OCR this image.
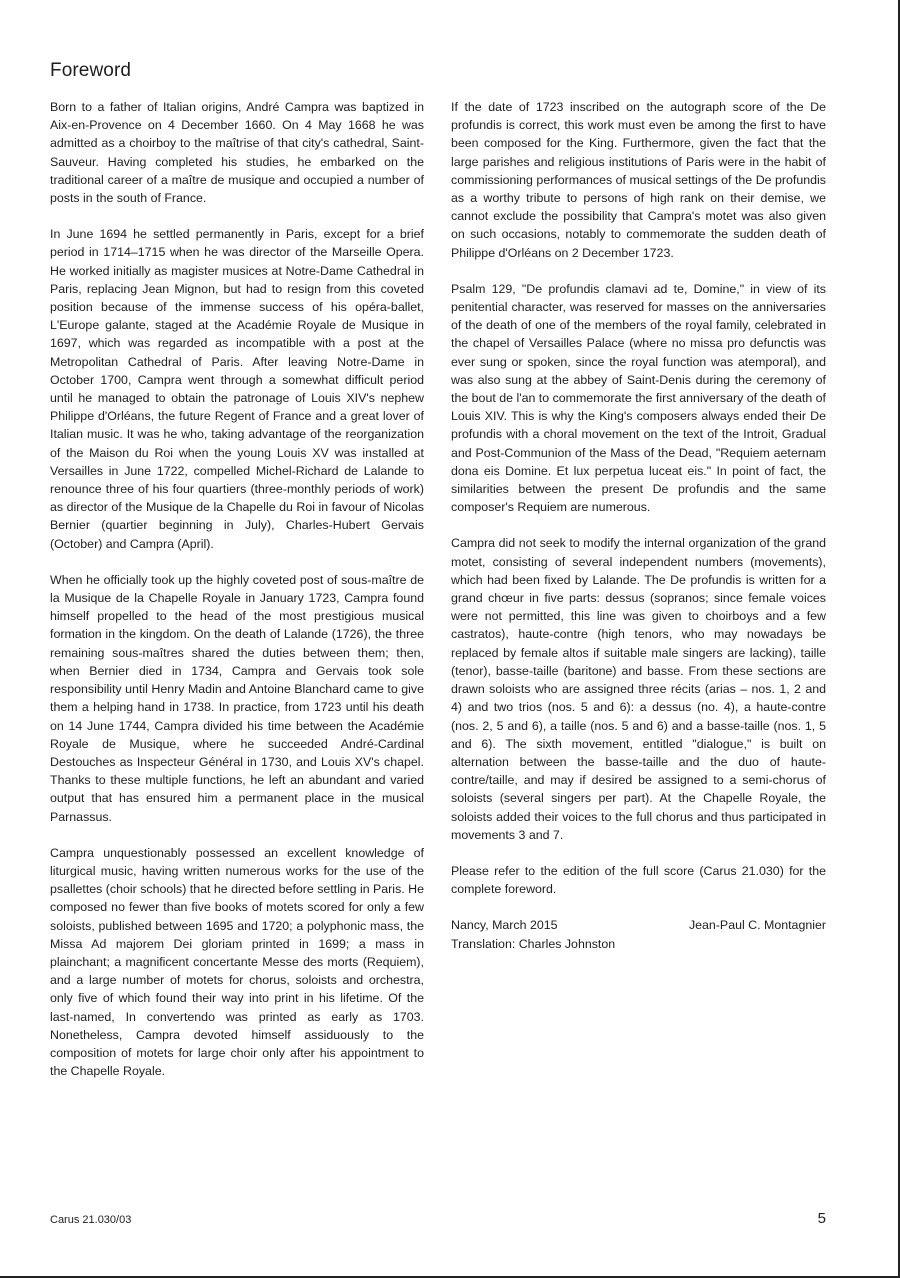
Foreword

Born to a father of Italian origins, André Campra was baptized in Aix-en-Provence on 4 December 1660. On 4 May 1668 he was admitted as a choirboy to the maîtrise of that city's cathedral, Saint-Sauveur. Having completed his studies, he embarked on the traditional career of a maître de musique and occupied a number of posts in the south of France.

In June 1694 he settled permanently in Paris, except for a brief period in 1714–1715 when he was director of the Marseille Opera. He worked initially as magister musices at Notre-Dame Cathedral in Paris, replacing Jean Mignon, but had to resign from this coveted position because of the immense success of his opéra-ballet, L'Europe galante, staged at the Académie Royale de Musique in 1697, which was regarded as incompatible with a post at the Metropolitan Cathedral of Paris. After leaving Notre-Dame in October 1700, Campra went through a somewhat difficult period until he managed to obtain the patronage of Louis XIV's nephew Philippe d'Orléans, the future Regent of France and a great lover of Italian music. It was he who, taking advantage of the reorganization of the Maison du Roi when the young Louis XV was installed at Versailles in June 1722, compelled Michel-Richard de Lalande to renounce three of his four quartiers (three-monthly periods of work) as director of the Musique de la Chapelle du Roi in favour of Nicolas Bernier (quartier beginning in July), Charles-Hubert Gervais (October) and Campra (April).

When he officially took up the highly coveted post of sous-maître de la Musique de la Chapelle Royale in January 1723, Campra found himself propelled to the head of the most prestigious musical formation in the kingdom. On the death of Lalande (1726), the three remaining sous-maîtres shared the duties between them; then, when Bernier died in 1734, Campra and Gervais took sole responsibility until Henry Madin and Antoine Blanchard came to give them a helping hand in 1738. In practice, from 1723 until his death on 14 June 1744, Campra divided his time between the Académie Royale de Musique, where he succeeded André-Cardinal Destouches as Inspecteur Général in 1730, and Louis XV's chapel. Thanks to these multiple functions, he left an abundant and varied output that has ensured him a permanent place in the musical Parnassus.

Campra unquestionably possessed an excellent knowledge of liturgical music, having written numerous works for the use of the psallettes (choir schools) that he directed before settling in Paris. He composed no fewer than five books of motets scored for only a few soloists, published between 1695 and 1720; a polyphonic mass, the Missa Ad majorem Dei gloriam printed in 1699; a mass in plainchant; a magnificent concertante Messe des morts (Requiem), and a large number of motets for chorus, soloists and orchestra, only five of which found their way into print in his lifetime. Of the last-named, In convertendo was printed as early as 1703. Nonetheless, Campra devoted himself assiduously to the composition of motets for large choir only after his appointment to the Chapelle Royale.

If the date of 1723 inscribed on the autograph score of the De profundis is correct, this work must even be among the first to have been composed for the King. Furthermore, given the fact that the large parishes and religious institutions of Paris were in the habit of commissioning performances of musical settings of the De profundis as a worthy tribute to persons of high rank on their demise, we cannot exclude the possibility that Campra's motet was also given on such occasions, notably to commemorate the sudden death of Philippe d'Orléans on 2 December 1723.

Psalm 129, "De profundis clamavi ad te, Domine," in view of its penitential character, was reserved for masses on the anniversaries of the death of one of the members of the royal family, celebrated in the chapel of Versailles Palace (where no missa pro defunctis was ever sung or spoken, since the royal function was atemporal), and was also sung at the abbey of Saint-Denis during the ceremony of the bout de l'an to commemorate the first anniversary of the death of Louis XIV. This is why the King's composers always ended their De profundis with a choral movement on the text of the Introit, Gradual and Post-Communion of the Mass of the Dead, "Requiem aeternam dona eis Domine. Et lux perpetua luceat eis." In point of fact, the similarities between the present De profundis and the same composer's Requiem are numerous.

Campra did not seek to modify the internal organization of the grand motet, consisting of several independent numbers (movements), which had been fixed by Lalande. The De profundis is written for a grand chœur in five parts: dessus (sopranos; since female voices were not permitted, this line was given to choirboys and a few castratos), haute-contre (high tenors, who may nowadays be replaced by female altos if suitable male singers are lacking), taille (tenor), basse-taille (baritone) and basse. From these sections are drawn soloists who are assigned three récits (arias – nos. 1, 2 and 4) and two trios (nos. 5 and 6): a dessus (no. 4), a haute-contre (nos. 2, 5 and 6), a taille (nos. 5 and 6) and a basse-taille (nos. 1, 5 and 6). The sixth movement, entitled "dialogue," is built on alternation between the basse-taille and the duo of haute-contre/taille, and may if desired be assigned to a semi-chorus of soloists (several singers per part). At the Chapelle Royale, the soloists added their voices to the full chorus and thus participated in movements 3 and 7.

Please refer to the edition of the full score (Carus 21.030) for the complete foreword.

Nancy, March 2015	Jean-Paul C. Montagnier
Translation: Charles Johnston
Carus 21.030/03	5
